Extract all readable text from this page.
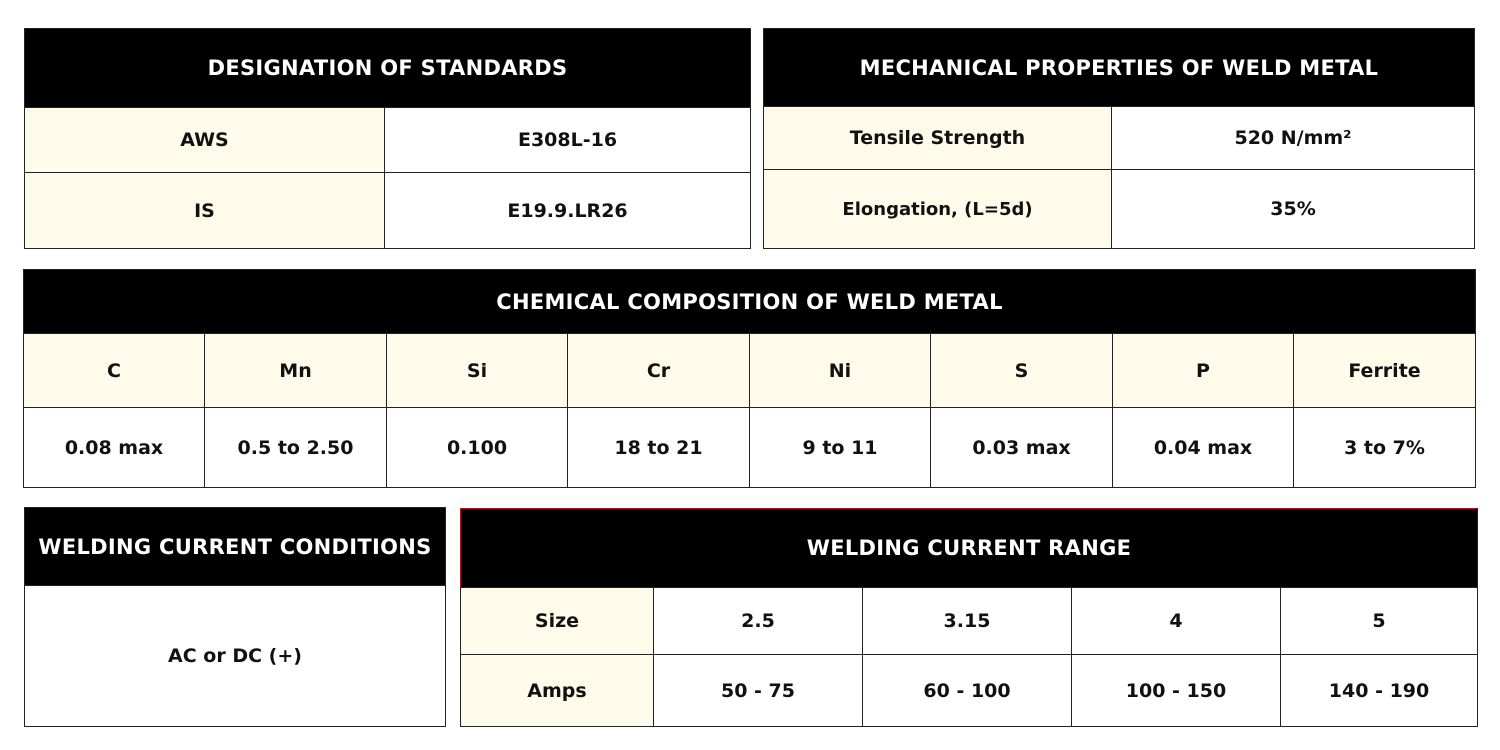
DESIGNATION OF STANDARDS	
AWS	E308L-16
IS	E19.9.LR26
MECHANICAL PROPERTIES OF WELD METAL	
Tensile Strength	520 N/mm²
Elongation, (L=5d)	35%
CHEMICAL COMPOSITION OF WELD METAL							
C	Mn	Si	Cr	Ni	S	P	Ferrite
0.08 max	0.5 to 2.50	0.100	18 to 21	9 to 11	0.03 max	0.04 max	3 to 7%
WELDING CURRENT CONDITIONS
AC or DC (+)
WELDING CURRENT RANGE				
Size	2.5	3.15	4	5
Amps	50 - 75	60 - 100	100 - 150	140 - 190
